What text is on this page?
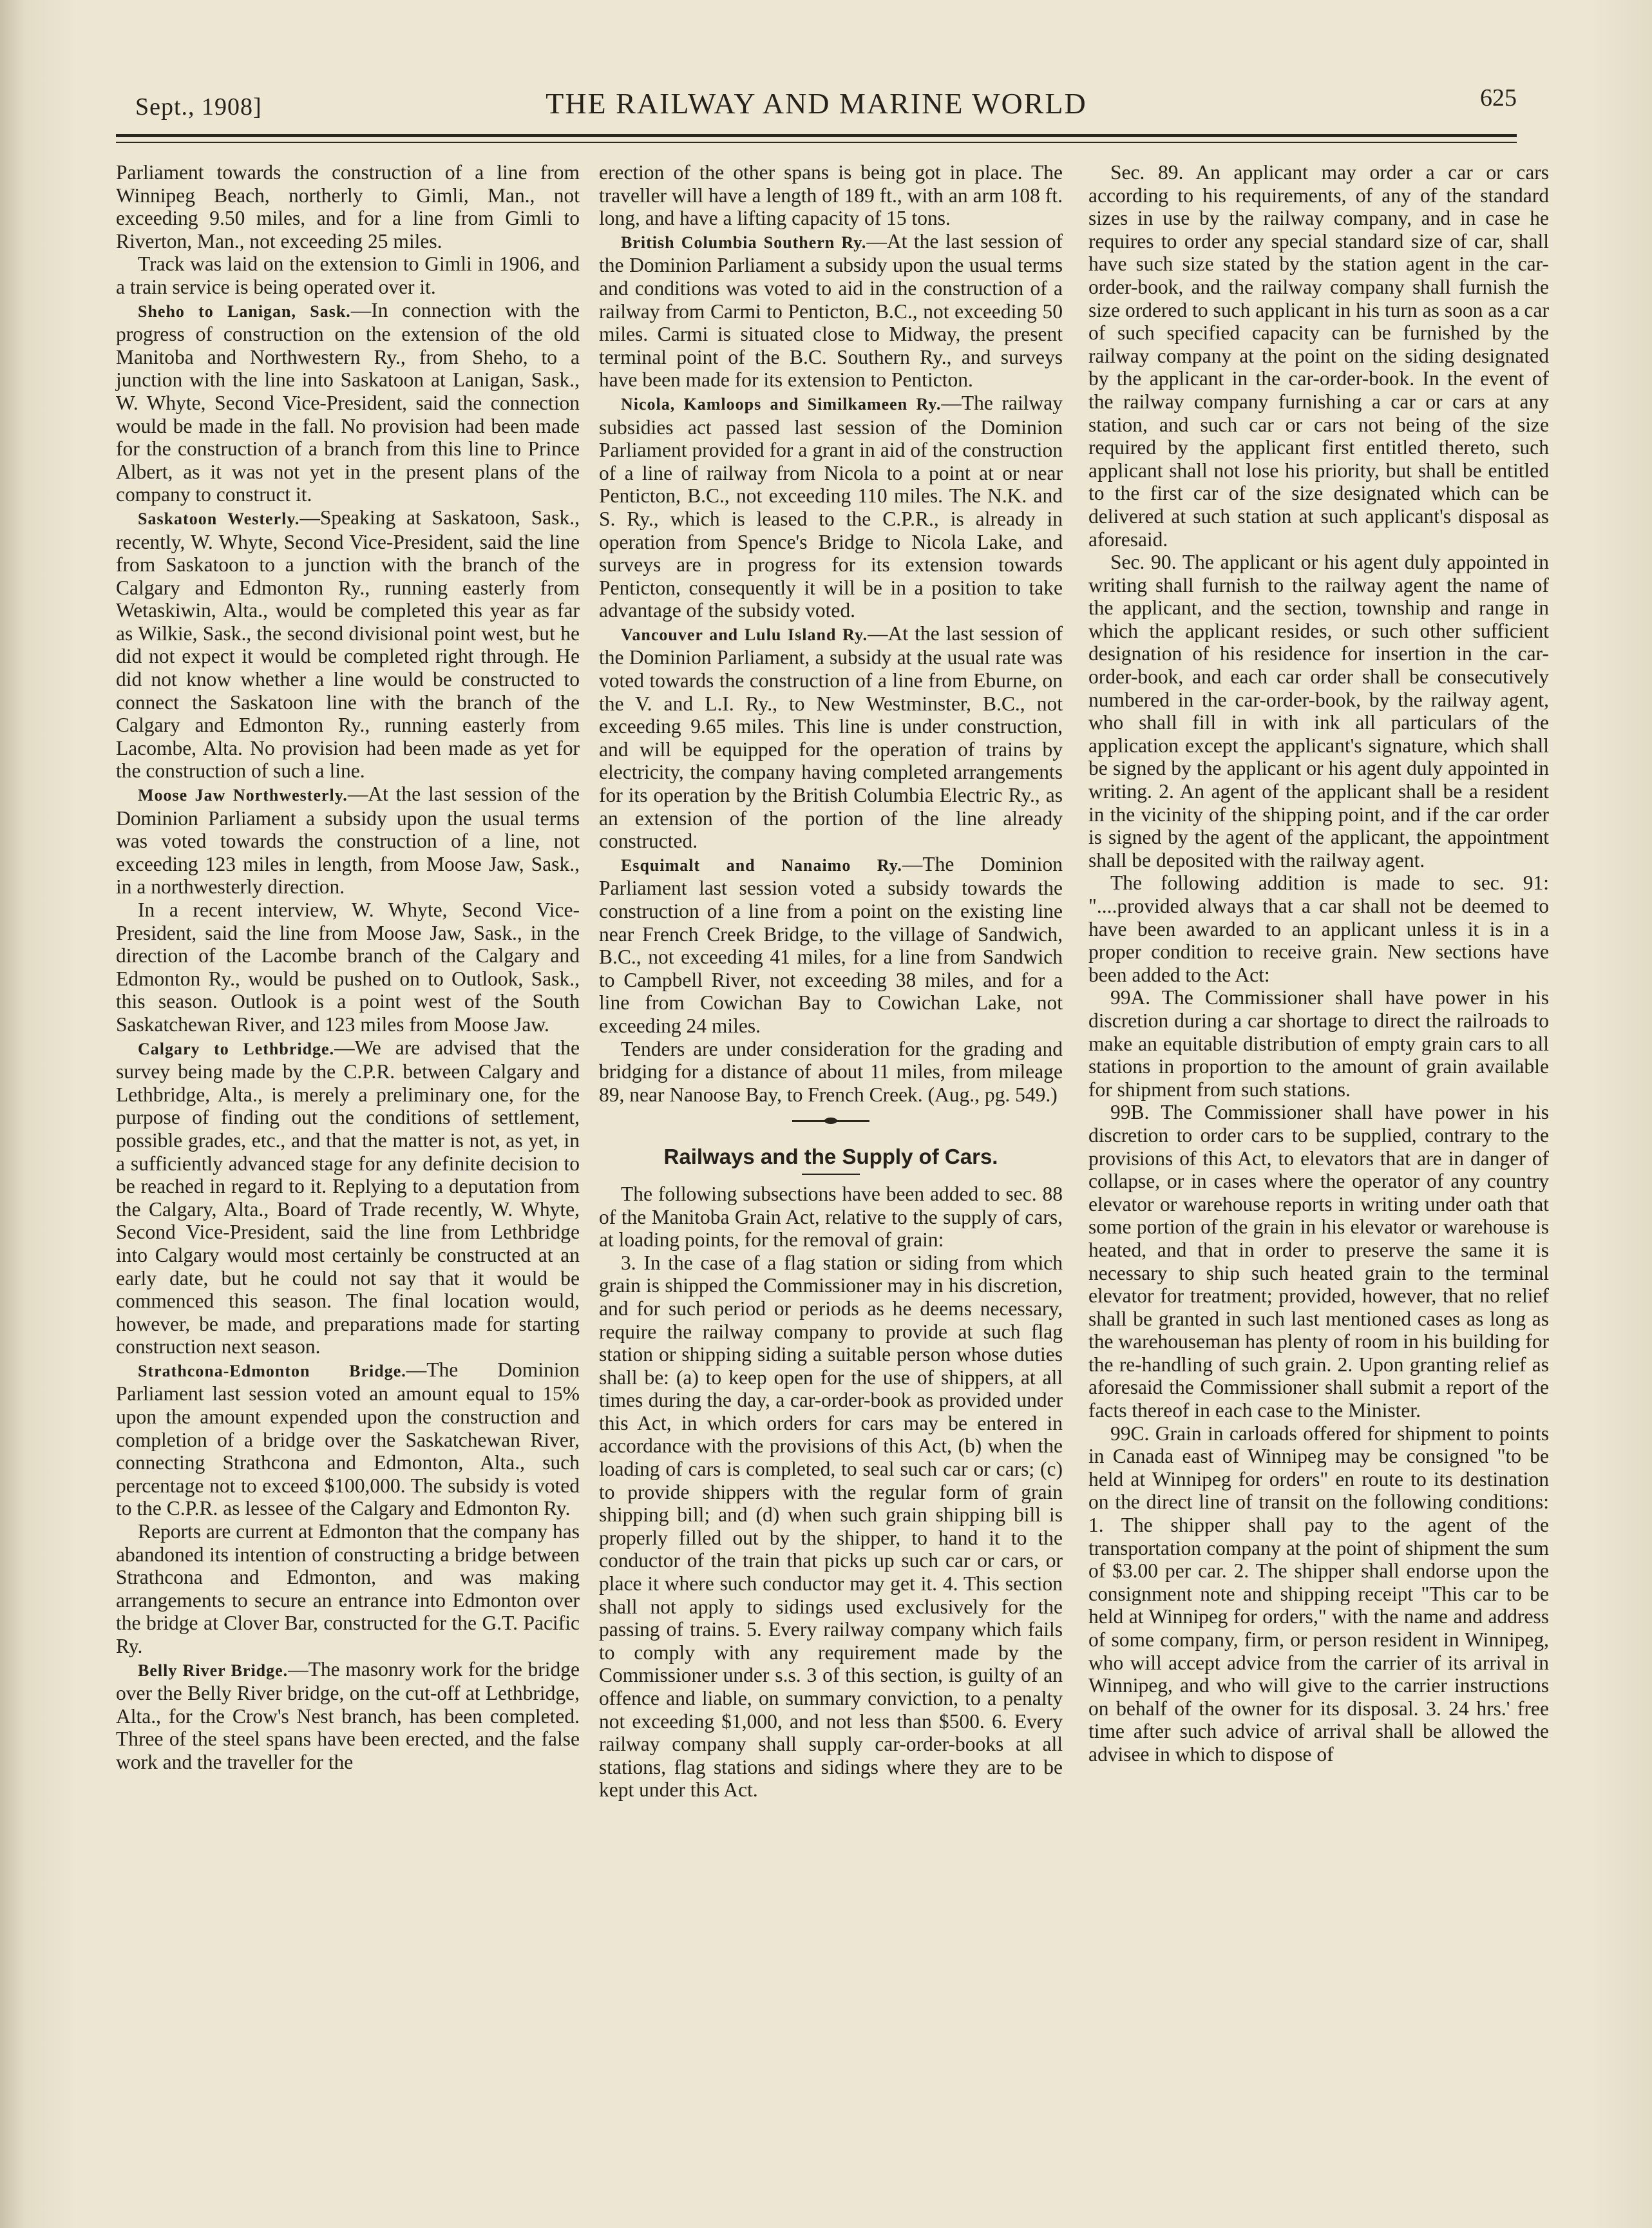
Sept., 1908]	THE RAILWAY AND MARINE WORLD	625

Parliament towards the construction of a line from Winnipeg Beach, northerly to Gimli, Man., not exceeding 9.50 miles, and for a line from Gimli to Riverton, Man., not exceeding 25 miles.

Track was laid on the extension to Gimli in 1906, and a train service is being operated over it.

Sheho to Lanigan, Sask.—In connection with the progress of construction on the extension of the old Manitoba and Northwestern Ry., from Sheho, to a junction with the line into Saskatoon at Lanigan, Sask., W. Whyte, Second Vice-President, said the connection would be made in the fall. No provision had been made for the construction of a branch from this line to Prince Albert, as it was not yet in the present plans of the company to construct it.

Saskatoon Westerly.—Speaking at Saskatoon, Sask., recently, W. Whyte, Second Vice-President, said the line from Saskatoon to a junction with the branch of the Calgary and Edmonton Ry., running easterly from Wetaskiwin, Alta., would be completed this year as far as Wilkie, Sask., the second divisional point west, but he did not expect it would be completed right through. He did not know whether a line would be constructed to connect the Saskatoon line with the branch of the Calgary and Edmonton Ry., running easterly from Lacombe, Alta. No provision had been made as yet for the construction of such a line.

Moose Jaw Northwesterly.—At the last session of the Dominion Parliament a subsidy upon the usual terms was voted towards the construction of a line, not exceeding 123 miles in length, from Moose Jaw, Sask., in a northwesterly direction.

In a recent interview, W. Whyte, Second Vice-President, said the line from Moose Jaw, Sask., in the direction of the Lacombe branch of the Calgary and Edmonton Ry., would be pushed on to Outlook, Sask., this season. Outlook is a point west of the South Saskatchewan River, and 123 miles from Moose Jaw.

Calgary to Lethbridge.—We are advised that the survey being made by the C.P.R. between Calgary and Lethbridge, Alta., is merely a preliminary one, for the purpose of finding out the conditions of settlement, possible grades, etc., and that the matter is not, as yet, in a sufficiently advanced stage for any definite decision to be reached in regard to it. Replying to a deputation from the Calgary, Alta., Board of Trade recently, W. Whyte, Second Vice-President, said the line from Lethbridge into Calgary would most certainly be constructed at an early date, but he could not say that it would be commenced this season. The final location would, however, be made, and preparations made for starting construction next season.

Strathcona-Edmonton Bridge.—The Dominion Parliament last session voted an amount equal to 15% upon the amount expended upon the construction and completion of a bridge over the Saskatchewan River, connecting Strathcona and Edmonton, Alta., such percentage not to exceed $100,000. The subsidy is voted to the C.P.R. as lessee of the Calgary and Edmonton Ry.

Reports are current at Edmonton that the company has abandoned its intention of constructing a bridge between Strathcona and Edmonton, and was making arrangements to secure an entrance into Edmonton over the bridge at Clover Bar, constructed for the G.T. Pacific Ry.

Belly River Bridge.—The masonry work for the bridge over the Belly River bridge, on the cut-off at Lethbridge, Alta., for the Crow's Nest branch, has been completed. Three of the steel spans have been erected, and the false work and the traveller for the

erection of the other spans is being got in place. The traveller will have a length of 189 ft., with an arm 108 ft. long, and have a lifting capacity of 15 tons.

British Columbia Southern Ry.—At the last session of the Dominion Parliament a subsidy upon the usual terms and conditions was voted to aid in the construction of a railway from Carmi to Penticton, B.C., not exceeding 50 miles. Carmi is situated close to Midway, the present terminal point of the B.C. Southern Ry., and surveys have been made for its extension to Penticton.

Nicola, Kamloops and Similkameen Ry.—The railway subsidies act passed last session of the Dominion Parliament provided for a grant in aid of the construction of a line of railway from Nicola to a point at or near Penticton, B.C., not exceeding 110 miles. The N.K. and S. Ry., which is leased to the C.P.R., is already in operation from Spence's Bridge to Nicola Lake, and surveys are in progress for its extension towards Penticton, consequently it will be in a position to take advantage of the subsidy voted.

Vancouver and Lulu Island Ry.—At the last session of the Dominion Parliament, a subsidy at the usual rate was voted towards the construction of a line from Eburne, on the V. and L.I. Ry., to New Westminster, B.C., not exceeding 9.65 miles. This line is under construction, and will be equipped for the operation of trains by electricity, the company having completed arrangements for its operation by the British Columbia Electric Ry., as an extension of the portion of the line already constructed.

Esquimalt and Nanaimo Ry.—The Dominion Parliament last session voted a subsidy towards the construction of a line from a point on the existing line near French Creek Bridge, to the village of Sandwich, B.C., not exceeding 41 miles, for a line from Sandwich to Campbell River, not exceeding 38 miles, and for a line from Cowichan Bay to Cowichan Lake, not exceeding 24 miles.

Tenders are under consideration for the grading and bridging for a distance of about 11 miles, from mileage 89, near Nanoose Bay, to French Creek. (Aug., pg. 549.)

Railways and the Supply of Cars.

The following subsections have been added to sec. 88 of the Manitoba Grain Act, relative to the supply of cars, at loading points, for the removal of grain:

3. In the case of a flag station or siding from which grain is shipped the Commissioner may in his discretion, and for such period or periods as he deems necessary, require the railway company to provide at such flag station or shipping siding a suitable person whose duties shall be: (a) to keep open for the use of shippers, at all times during the day, a car-order-book as provided under this Act, in which orders for cars may be entered in accordance with the provisions of this Act, (b) when the loading of cars is completed, to seal such car or cars; (c) to provide shippers with the regular form of grain shipping bill; and (d) when such grain shipping bill is properly filled out by the shipper, to hand it to the conductor of the train that picks up such car or cars, or place it where such conductor may get it. 4. This section shall not apply to sidings used exclusively for the passing of trains. 5. Every railway company which fails to comply with any requirement made by the Commissioner under s.s. 3 of this section, is guilty of an offence and liable, on summary conviction, to a penalty not exceeding $1,000, and not less than $500. 6. Every railway company shall supply car-order-books at all stations, flag stations and sidings where they are to be kept under this Act.

Sec. 89. An applicant may order a car or cars according to his requirements, of any of the standard sizes in use by the railway company, and in case he requires to order any special standard size of car, shall have such size stated by the station agent in the car-order-book, and the railway company shall furnish the size ordered to such applicant in his turn as soon as a car of such specified capacity can be furnished by the railway company at the point on the siding designated by the applicant in the car-order-book. In the event of the railway company furnishing a car or cars at any station, and such car or cars not being of the size required by the applicant first entitled thereto, such applicant shall not lose his priority, but shall be entitled to the first car of the size designated which can be delivered at such station at such applicant's disposal as aforesaid.

Sec. 90. The applicant or his agent duly appointed in writing shall furnish to the railway agent the name of the applicant, and the section, township and range in which the applicant resides, or such other sufficient designation of his residence for insertion in the car-order-book, and each car order shall be consecutively numbered in the car-order-book, by the railway agent, who shall fill in with ink all particulars of the application except the applicant's signature, which shall be signed by the applicant or his agent duly appointed in writing. 2. An agent of the applicant shall be a resident in the vicinity of the shipping point, and if the car order is signed by the agent of the applicant, the appointment shall be deposited with the railway agent.

The following addition is made to sec. 91: "....provided always that a car shall not be deemed to have been awarded to an applicant unless it is in a proper condition to receive grain. New sections have been added to the Act:

99A. The Commissioner shall have power in his discretion during a car shortage to direct the railroads to make an equitable distribution of empty grain cars to all stations in proportion to the amount of grain available for shipment from such stations.

99B. The Commissioner shall have power in his discretion to order cars to be supplied, contrary to the provisions of this Act, to elevators that are in danger of collapse, or in cases where the operator of any country elevator or warehouse reports in writing under oath that some portion of the grain in his elevator or warehouse is heated, and that in order to preserve the same it is necessary to ship such heated grain to the terminal elevator for treatment; provided, however, that no relief shall be granted in such last mentioned cases as long as the warehouseman has plenty of room in his building for the re-handling of such grain. 2. Upon granting relief as aforesaid the Commissioner shall submit a report of the facts thereof in each case to the Minister.

99C. Grain in carloads offered for shipment to points in Canada east of Winnipeg may be consigned "to be held at Winnipeg for orders" en route to its destination on the direct line of transit on the following conditions: 1. The shipper shall pay to the agent of the transportation company at the point of shipment the sum of $3.00 per car. 2. The shipper shall endorse upon the consignment note and shipping receipt "This car to be held at Winnipeg for orders," with the name and address of some company, firm, or person resident in Winnipeg, who will accept advice from the carrier of its arrival in Winnipeg, and who will give to the carrier instructions on behalf of the owner for its disposal. 3. 24 hrs.' free time after such advice of arrival shall be allowed the advisee in which to dispose of
